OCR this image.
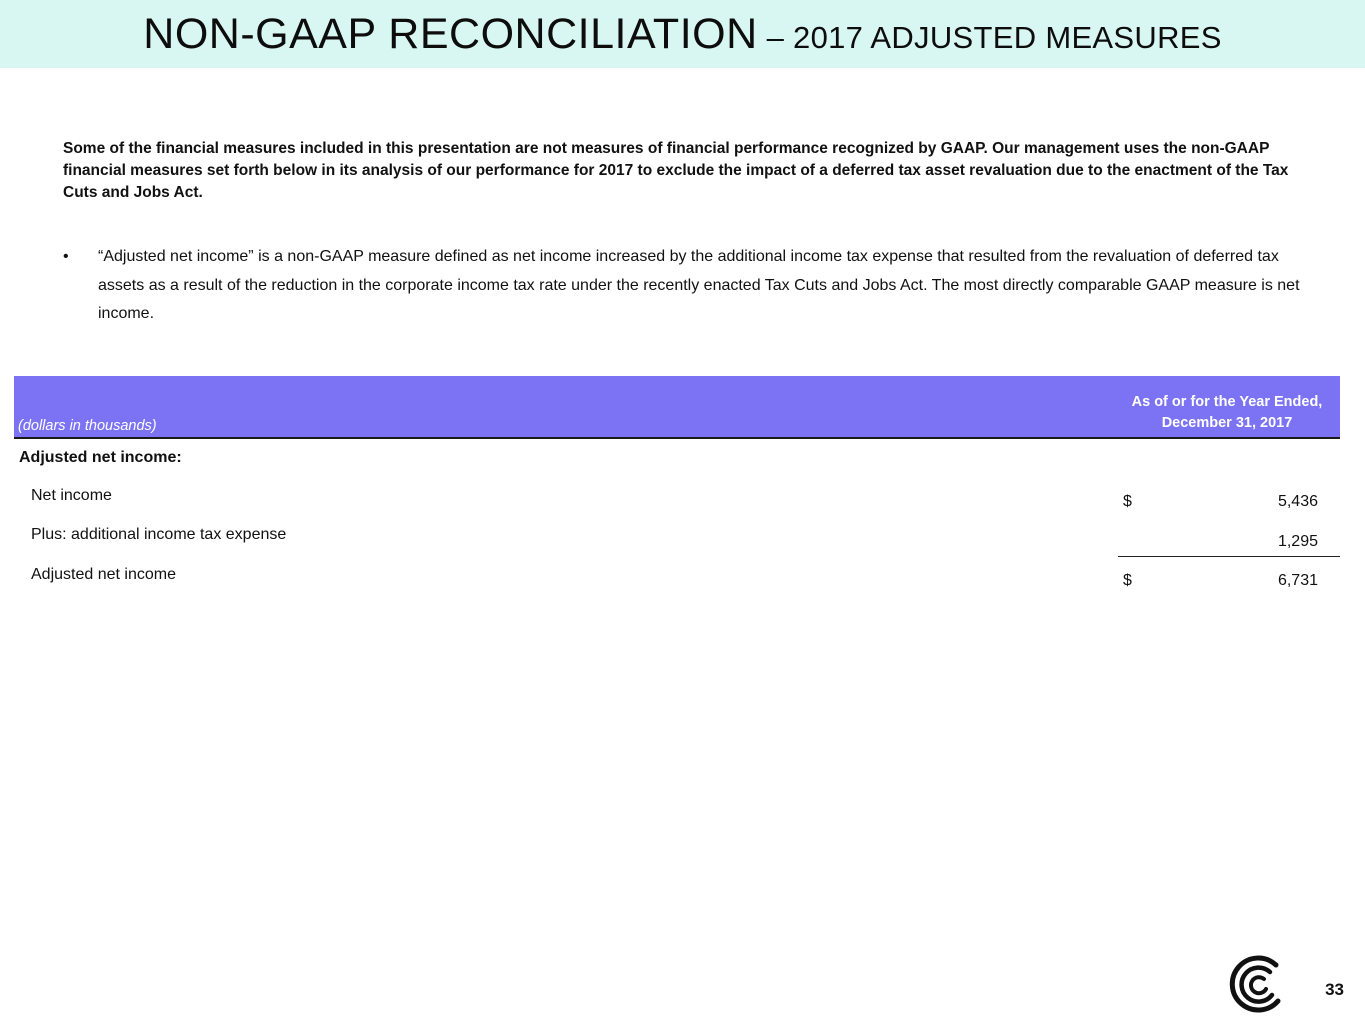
NON-GAAP RECONCILIATION – 2017 ADJUSTED MEASURES

Some of the financial measures included in this presentation are not measures of financial performance recognized by GAAP. Our management uses the non-GAAP financial measures set forth below in its analysis of our performance for 2017 to exclude the impact of a deferred tax asset revaluation due to the enactment of the Tax Cuts and Jobs Act.

• “Adjusted net income” is a non-GAAP measure defined as net income increased by the additional income tax expense that resulted from the revaluation of deferred tax assets as a result of the reduction in the corporate income tax rate under the recently enacted Tax Cuts and Jobs Act. The most directly comparable GAAP measure is net income.
(dollars in thousands)
As of or for the Year Ended,
December 31, 2017
Adjusted net income:
Net income	$	5,436
Plus: additional income tax expense	1,295
Adjusted net income	$	6,731
33
